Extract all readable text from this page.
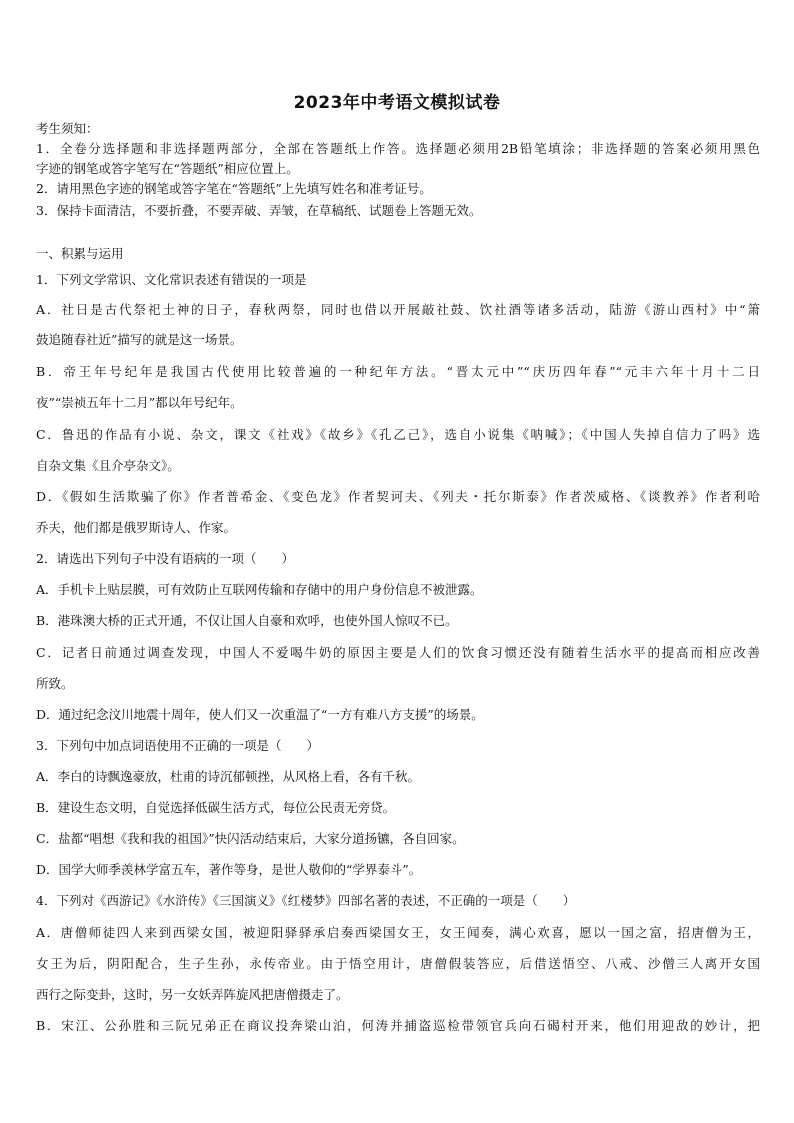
2023年中考语文模拟试卷
考生须知：
1．全卷分选择题和非选择题两部分，全部在答题纸上作答。选择题必须用2B铅笔填涂；非选择题的答案必须用黑色
字迹的钢笔或答字笔写在“答题纸”相应位置上。
2．请用黑色字迹的钢笔或答字笔在“答题纸”上先填写姓名和准考证号。
3．保持卡面清洁，不要折叠，不要弄破、弄皱，在草稿纸、试题卷上答题无效。
一、积累与运用
1．下列文学常识、文化常识表述有错误的一项是
A．社日是古代祭祀土神的日子，春秋两祭，同时也借以开展敲社鼓、饮社酒等诸多活动，陆游《游山西村》中“箫
鼓追随春社近”描写的就是这一场景。
B．帝王年号纪年是我国古代使用比较普遍的一种纪年方法。“晋太元中”“庆历四年春”“元丰六年十月十二日
夜”“崇祯五年十二月”都以年号纪年。
C．鲁迅的作品有小说、杂文，课文《社戏》《故乡》《孔乙己》，选自小说集《呐喊》；《中国人失掉自信力了吗》选
自杂文集《且介亭杂文》。
D．《假如生活欺骗了你》作者普希金、《变色龙》作者契诃夫、《列夫・托尔斯泰》作者茨威格、《谈教养》作者利哈
乔夫，他们都是俄罗斯诗人、作家。
2．请选出下列句子中没有语病的一项（　　）
A．手机卡上贴层膜，可有效防止互联网传输和存储中的用户身份信息不被泄露。
B．港珠澳大桥的正式开通，不仅让国人自豪和欢呼，也使外国人惊叹不已。
C．记者日前通过调查发现，中国人不爱喝牛奶的原因主要是人们的饮食习惯还没有随着生活水平的提高而相应改善
所致。
D．通过纪念汶川地震十周年，使人们又一次重温了“一方有难八方支援”的场景。
3．下列句中加点词语使用不正确的一项是（　　）
A．李白的诗飘逸豪放，杜甫的诗沉郁顿挫，从风格上看，各有千秋。
B．建设生态文明，自觉选择低碳生活方式，每位公民责无旁贷。
C．盐都“唱想《我和我的祖国》”快闪活动结束后，大家分道扬镳，各自回家。
D．国学大师季羡林学富五车，著作等身，是世人敬仰的“学界泰斗”。
4．下列对《西游记》《水浒传》《三国演义》《红楼梦》四部名著的表述，不正确的一项是（　　）
A．唐僧师徒四人来到西梁女国，被迎阳驿驿承启奏西梁国女王，女王闻奏，满心欢喜，愿以一国之富，招唐僧为王，
女王为后，阴阳配合，生子生孙，永传帝业。由于悟空用计，唐僧假装答应，后借送悟空、八戒、沙僧三人离开女国
西行之际变卦，这时，另一女妖弄阵旋风把唐僧摄走了。
B．宋江、公孙胜和三阮兄弟正在商议投奔梁山泊，何涛并捕盗巡检带领官兵向石碣村开来，他们用迎敌的妙计，把
